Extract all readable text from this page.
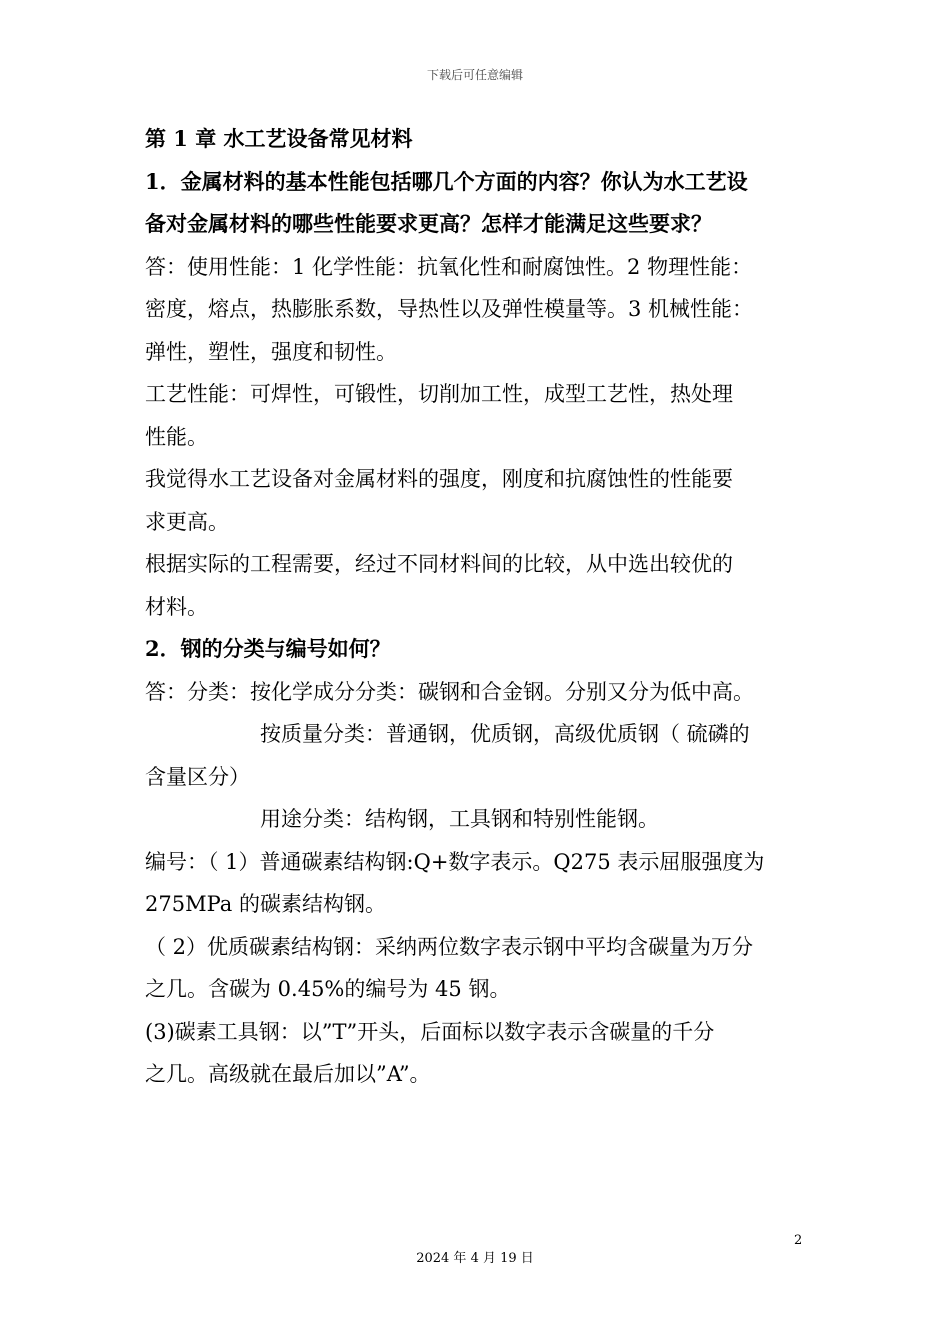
下载后可任意编辑

第 1 章 水工艺设备常见材料

1．金属材料的基本性能包括哪几个方面的内容？你认为水工艺设

备对金属材料的哪些性能要求更高？怎样才能满足这些要求？

答：使用性能：1 化学性能：抗氧化性和耐腐蚀性。2 物理性能：

密度，熔点，热膨胀系数，导热性以及弹性模量等。3 机械性能：

弹性，塑性，强度和韧性。

工艺性能：可焊性，可锻性，切削加工性，成型工艺性，热处理

性能。

我觉得水工艺设备对金属材料的强度，刚度和抗腐蚀性的性能要

求更高。

根据实际的工程需要，经过不同材料间的比较，从中选出较优的

材料。

2．钢的分类与编号如何？

答：分类：按化学成分分类：碳钢和合金钢。分别又分为低中高。

按质量分类：普通钢，优质钢，高级优质钢（ 硫磷的

含量区分）

用途分类：结构钢，工具钢和特别性能钢。

编号：（ 1）普通碳素结构钢:Q+数字表示。Q275 表示屈服强度为

275MPa 的碳素结构钢。

（ 2）优质碳素结构钢：采纳两位数字表示钢中平均含碳量为万分

之几。含碳为 0.45%的编号为 45 钢。

(3)碳素工具钢：以”T”开头，后面标以数字表示含碳量的千分

之几。高级就在最后加以”A”。

2
2024 年 4 月 19 日
